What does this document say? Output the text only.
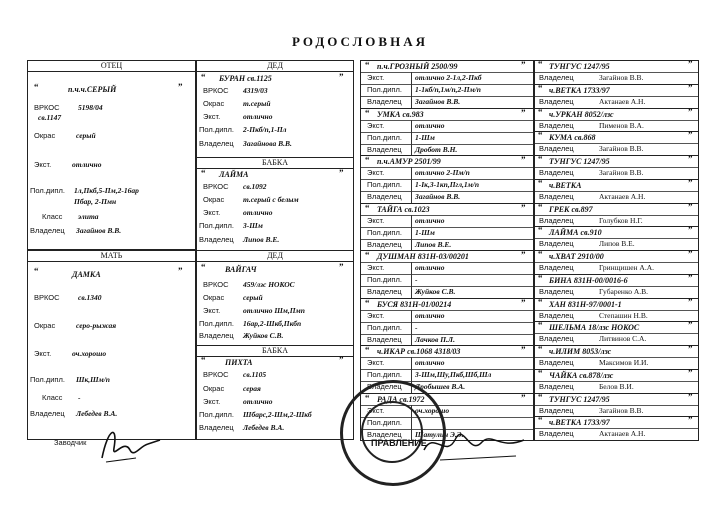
РОДОСЛОВНАЯ
ОТЕЦ
“	”
п.ч.ч.СЕРЫЙ
ВРКОС 5198/04
св.1147
Окрас	серый
Экст.	отлично
Пол.дипл. 1л,Пкб,5-Пм,2-16ар
Пбар, 2-Пмн
Класс элита
Владелец Загайнов В.В.
МАТЬ
“	”
ДАМКА
ВРКОС св.1340
Окрас	серо-рыжая
Экст.	оч.хорошо
Пол.дипл. Шк,Шм/п
Класс -
Владелец Лебедев В.А.
ДЕД
“	”
БУРАН св.1125
ВРКОС 4319/03
Окрас	т.серый
Экст.	отлично
Пол.дипл. 2-Пкб/п,1-Пл
Владелец Загайнова В.В.
БАБКА
“	”
ЛАЙМА
ВРКОС св.1092
Окрас	т.серый с белым
Экст.	отлично
Пол.дипл. 3-Шм
Владелец Липов В.Е.
ДЕД
“	”
ВАЙГАЧ
ВРКОС 459/лзс НОКОС
Окрас	серый
Экст.	отлично Шм,Пмп
Пол.дипл. 16ар,2-Шкб,Пкбп
Владелец Жуйков С.В.
БАБКА
“	”
ПИХТА
ВРКОС св.1105
Окрас	серая
Экст.	отлично
Пол.дипл. Шбарс,2-Шм,2-Шкб
Владелец Лебедев В.А.
“	”
п.ч.ГРОЗНЫЙ 2500/99
Экст.	отлично 2-1л,2-Пкб
Пол.дипл. 1-1кб/п,1м/п,2-Пм/п
Владелец Загайнов В.В.
“	”
УМКА св.983
Экст.	отлично
Пол.дипл. 1-Шм
Владелец Дробот В.Н.
“	”
п.ч.АМУР 2501/99
Экст.	отлично 2-Пм/п
Пол.дипл. 1-Iк,3-1кп,Пгл,1м/п
Владелец Загайнов В.В.
“	”
ТАЙГА св.1023
Экст.	отлично
Пол.дипл. 1-Шм
Владелец Липов В.Е.
“	”
ДУШМАН 831Н-03/00201
Экст.	отлично
Пол.дипл. -
Владелец Жуйков С.В.
“	”
БУСЯ 831Н-01/00214
Экст.	отлично
Пол.дипл. -
Владелец Лачков П.Л.
“	”
ч.ИКАР св.1068 4318/03
Экст.	отлично
Пол.дипл. 3-Шм,Шу,Пкб,Шб,Шл
Владелец Дробышев В.А.
“	”
РАДА св.1972
Экст.	оч.хорошо
Пол.дипл.
Владелец Шатулин Э.Э.
“	”
ТУНГУС 1247/95
Владелец	Загайнов В.В.
“	”
ч.ВЕТКА 1733/97
Владелец	Актанаев А.Н.
“	”
ч.УРКАН 8052/лзс
Владелец	Пименов В.А.
“	”
КУМА св.868
Владелец	Загайнов В.В.
“	”
ТУНГУС 1247/95
Владелец	Загайнов В.В.
“	”
ч.ВЕТКА
Владелец	Актанаев А.Н.
“	”
ГРЕК св.897
Владелец	Голубков Н.Г.
“	”
ЛАЙМА св.910
Владелец	Липов В.Е.
“	”
ч.ХВАТ 2910/00
Владелец	Гринщишен А.А.
“	”
БИНА 831Н-00/0016-6
Владелец	Губаренко А.В.
“	”
ХАН 831Н-97/0001-1
Владелец	Степашин Н.В.
“	”
ШЕЛЬМА 18/лзс НОКОС
Владелец	Литвинов С.А.
“	”
ч.ИЛИМ 8053/лзс
Владелец	Максимов И.И.
“	”
ЧАЙКА св.878/лзс
Владелец	Белов В.И.
“	”
ТУНГУС 1247/95
Владелец	Загайнов В.В.
“	”
ч.ВЕТКА 1733/97
Владелец	Актанаев А.Н.
Заводчик	ПРАВЛЕНИЕ
